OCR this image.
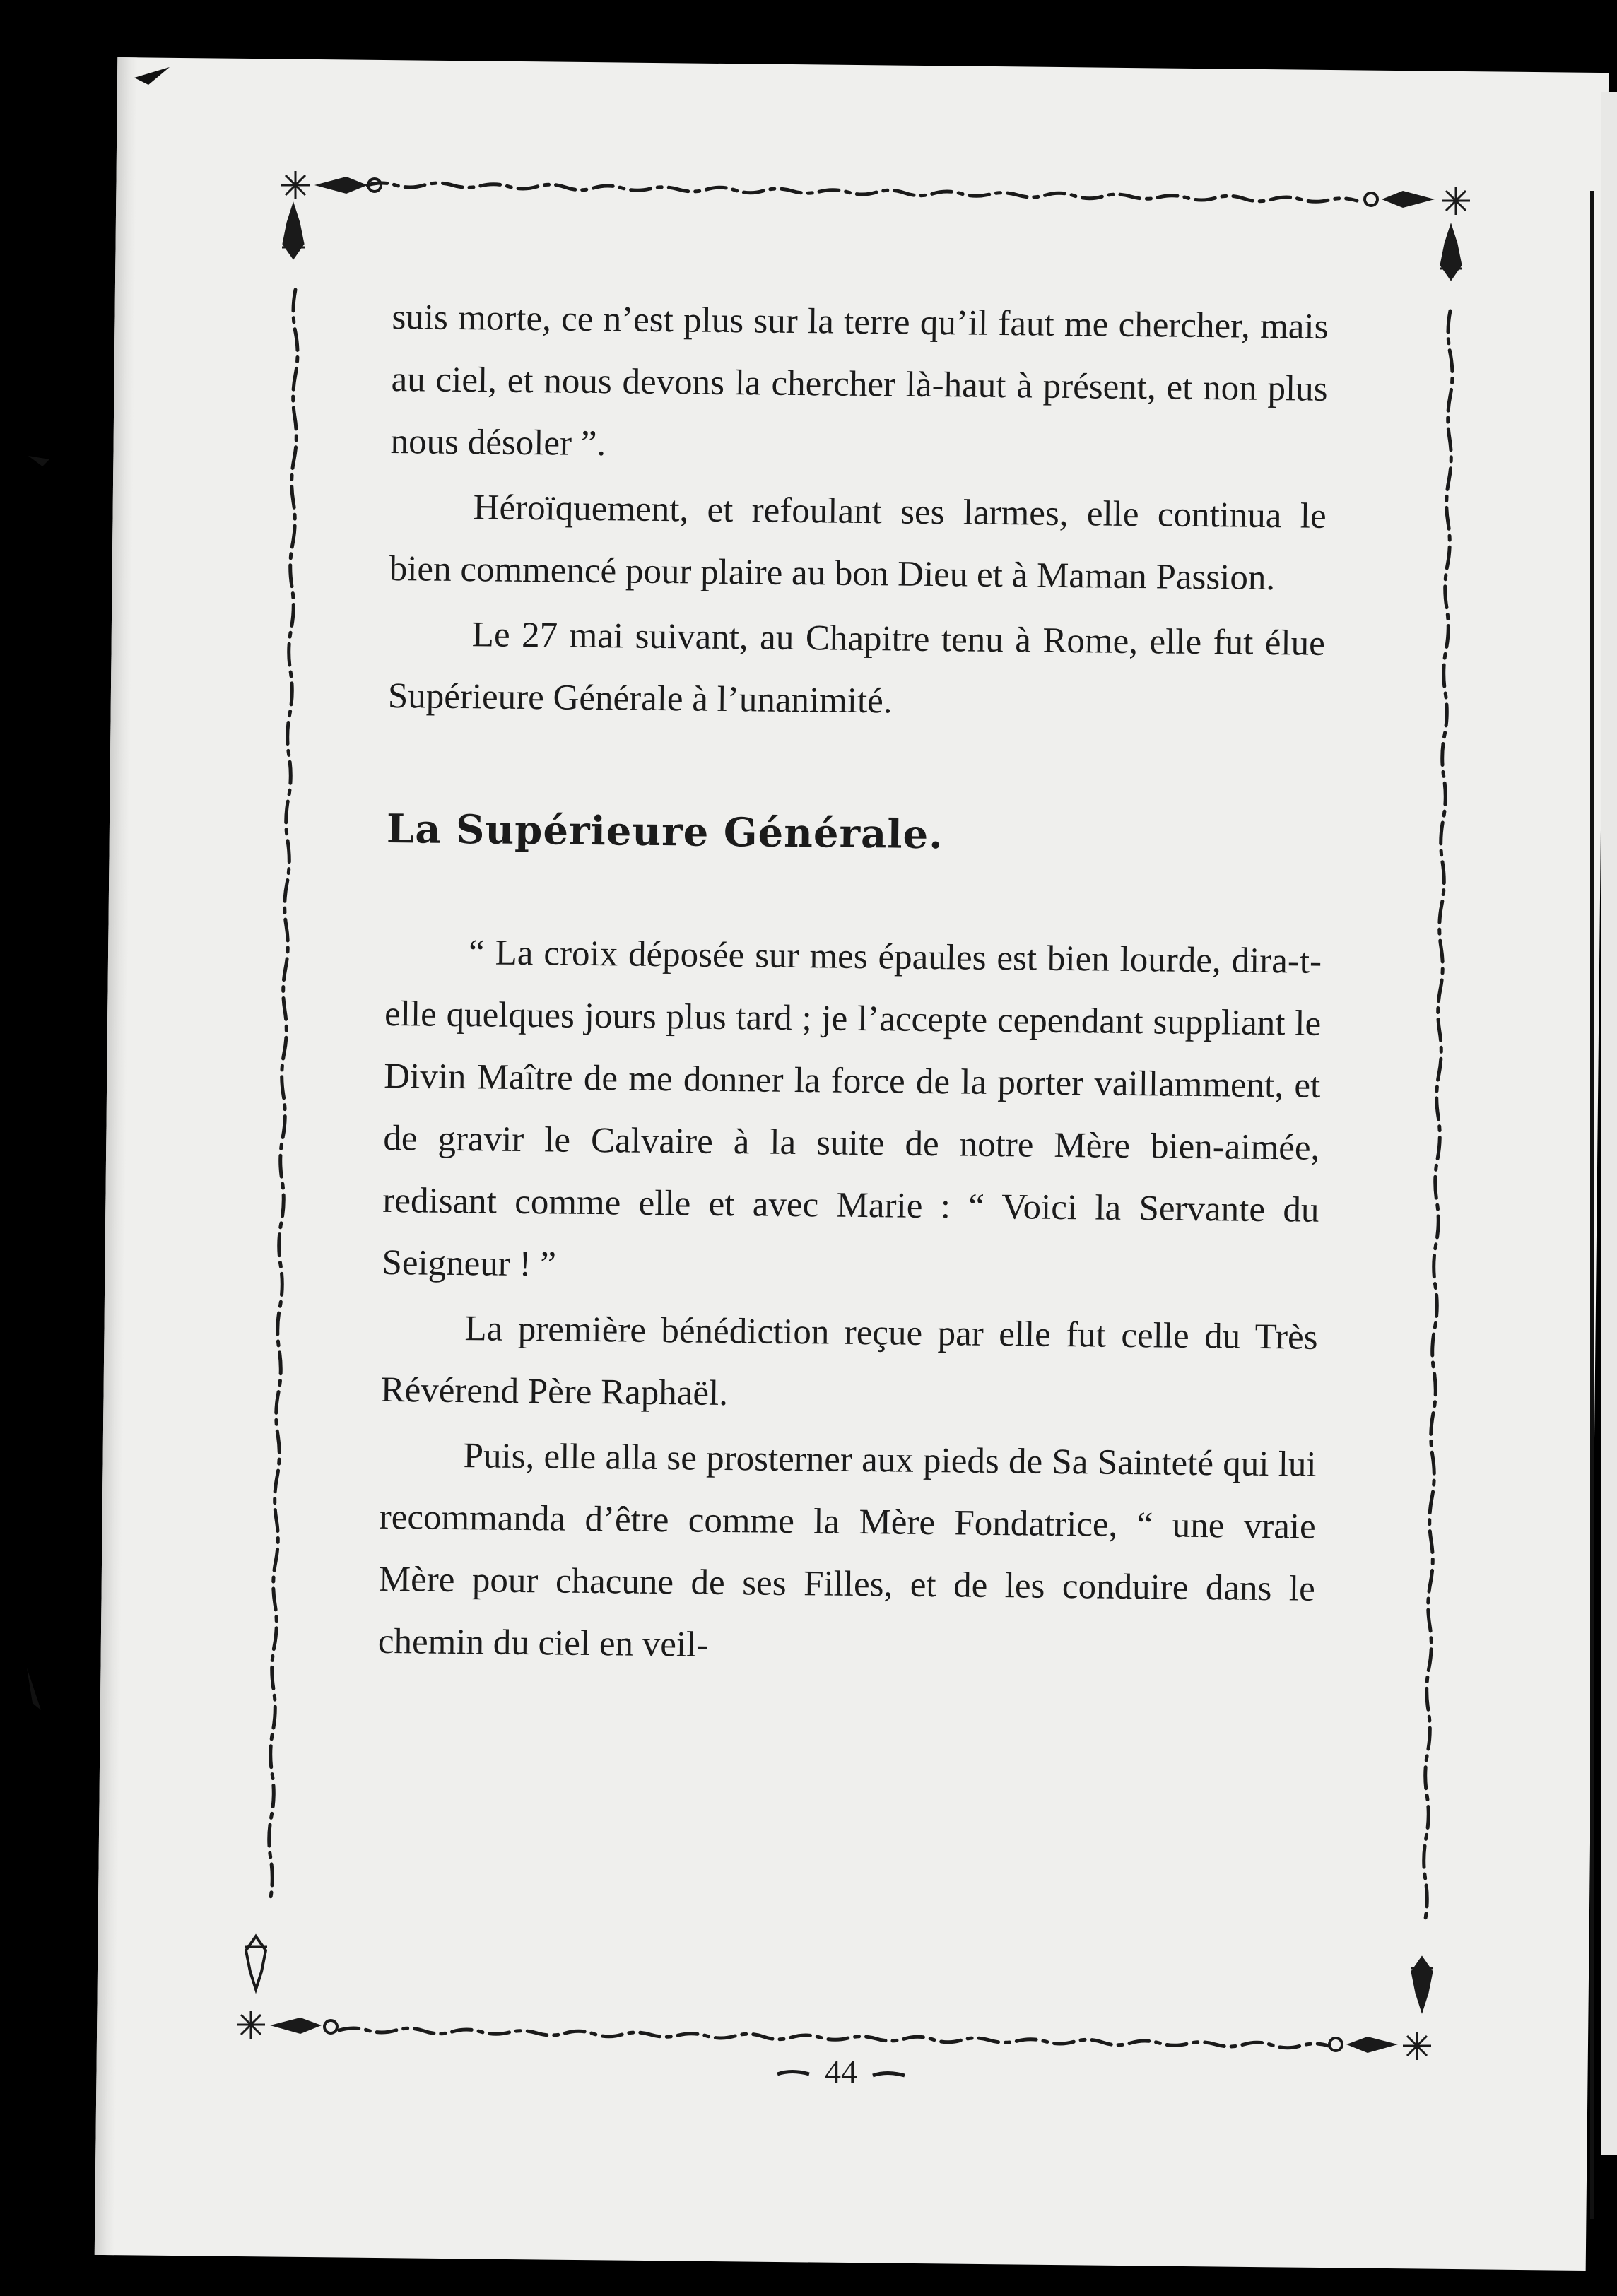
suis morte, ce n’est plus sur la terre qu’il faut me chercher, mais au ciel, et nous devons la chercher là-haut à présent, et non plus nous désoler ”.

Héroïquement, et refoulant ses larmes, elle continua le bien commencé pour plaire au bon Dieu et à Maman Passion.

Le 27 mai suivant, au Chapitre tenu à Rome, elle fut élue Supérieure Générale à l’unanimité.

La Supérieure Générale.

“ La croix déposée sur mes épaules est bien lourde, dira-t-elle quelques jours plus tard ; je l’accepte cependant suppliant le Divin Maître de me donner la force de la porter vaillamment, et de gravir le Calvaire à la suite de notre Mère bien-aimée, redisant comme elle et avec Marie : “ Voici la Servante du Seigneur ! ”

La première bénédiction reçue par elle fut celle du Très Révérend Père Raphaël.

Puis, elle alla se prosterner aux pieds de Sa Sainteté qui lui recommanda d’être comme la Mère Fondatrice, “ une vraie Mère pour chacune de ses Filles, et de les conduire dans le chemin du ciel en veil-

44
